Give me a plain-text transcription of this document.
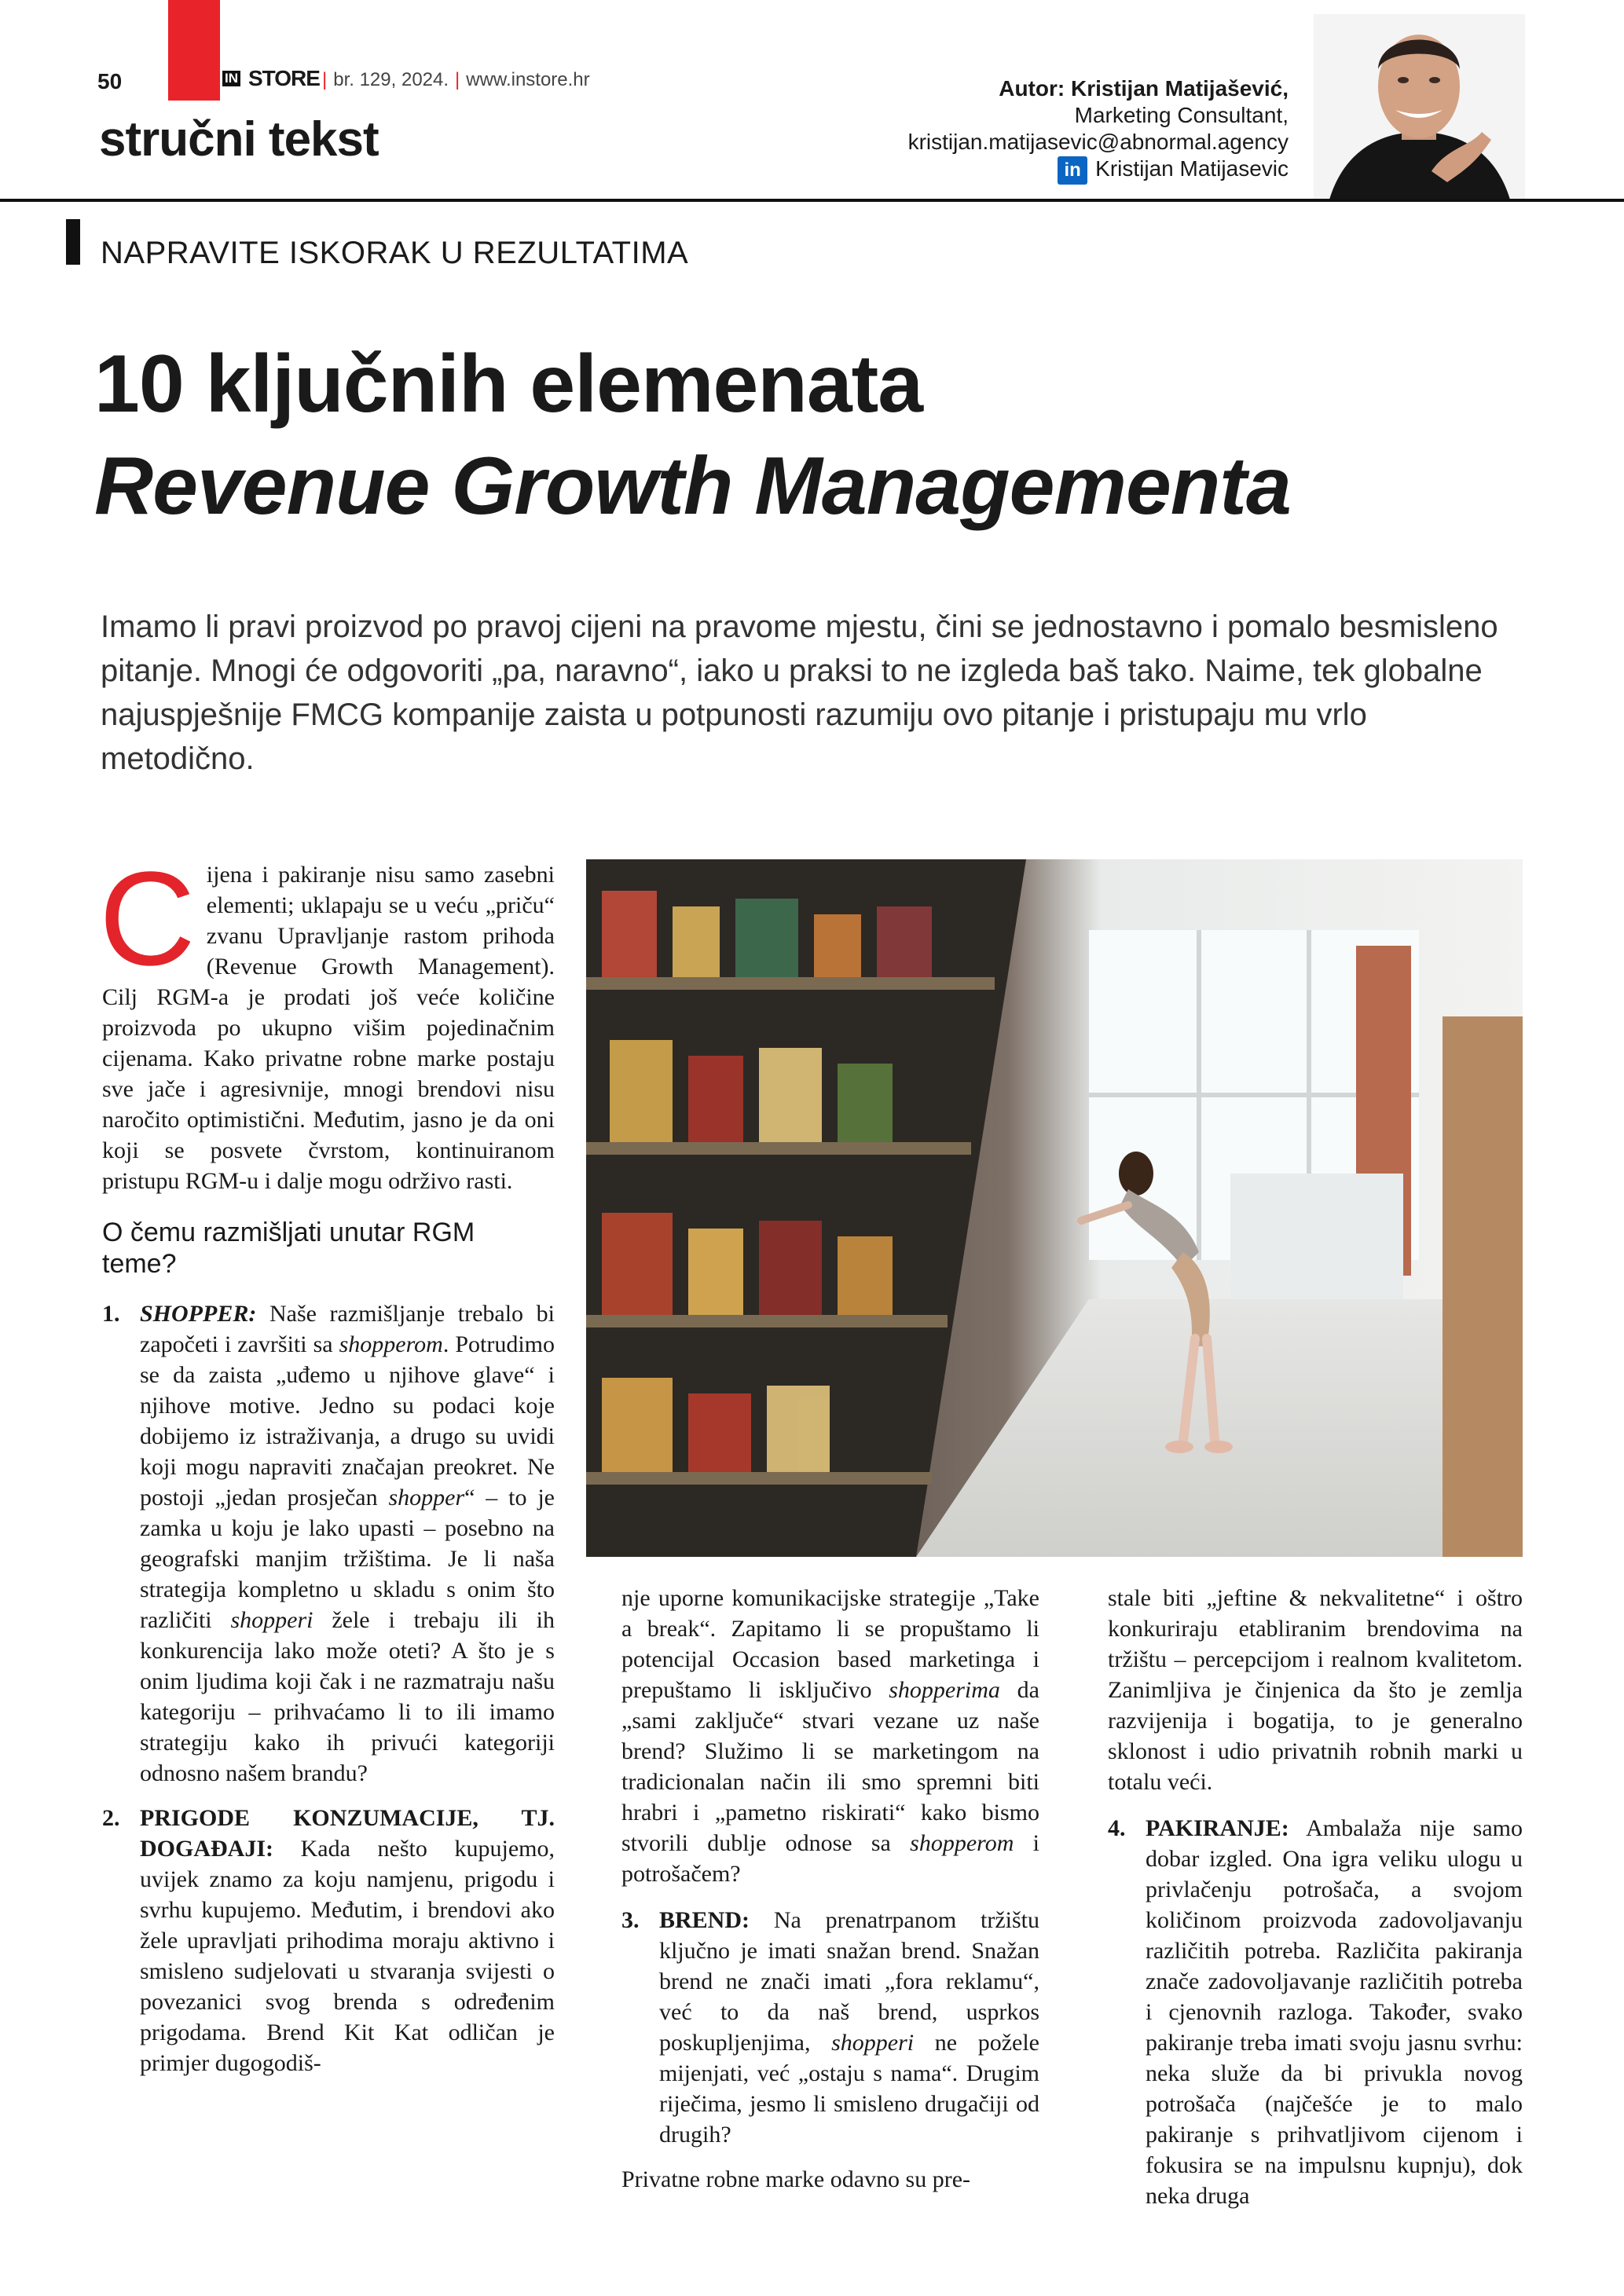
50	IN STORE | br. 129, 2024. | www.instore.hr
stručni tekst
Autor: Kristijan Matijašević,
Marketing Consultant,
kristijan.matijasevic@abnormal.agency
in Kristijan Matijasevic
NAPRAVITE ISKORAK U REZULTATIMA
10 ključnih elemenata
Revenue Growth Managementa
Imamo li pravi proizvod po pravoj cijeni na pravome mjestu, čini se jednostavno i pomalo besmisleno pitanje. Mnogi će odgovoriti „pa, naravno“, iako u praksi to ne izgleda baš tako. Naime, tek globalne najuspješnije FMCG kompanije zaista u potpunosti razumiju ovo pitanje i pristupaju mu vrlo metodično.

Cijena i pakiranje nisu samo zasebni elementi; uklapaju se u veću „priču“ zvanu Upravljanje rastom prihoda (Revenue Growth Management). Cilj RGM-a je prodati još veće količine proizvoda po ukupno višim pojedinačnim cijenama. Kako privatne robne marke postaju sve jače i agresivnije, mnogi brendovi nisu naročito optimistični. Međutim, jasno je da oni koji se posvete čvrstom, kontinuiranom pristupu RGM-u i dalje mogu održivo rasti.

O čemu razmišljati unutar RGM teme?
1. SHOPPER: Naše razmišljanje trebalo bi započeti i završiti sa shopperom. Potrudimo se da zaista „uđemo u njihove glave“ i njihove motive. Jedno su podaci koje dobijemo iz istraživanja, a drugo su uvidi koji mogu napraviti značajan preokret. Ne postoji „jedan prosječan shopper“ – to je zamka u koju je lako upasti – posebno na geografski manjim tržištima. Je li naša strategija kompletno u skladu s onim što različiti shopperi žele i trebaju ili ih konkurencija lako može oteti? A što je s onim ljudima koji čak i ne razmatraju našu kategoriju – prihvaćamo li to ili imamo strategiju kako ih privući kategoriji odnosno našem brandu?
2. PRIGODE KONZUMACIJE, TJ. DOGAĐAJI: Kada nešto kupujemo, uvijek znamo za koju namjenu, prigodu i svrhu kupujemo. Međutim, i brendovi ako žele upravljati prihodima moraju aktivno i smisleno sudjelovati u stvaranja svijesti o povezanici svog brenda s određenim prigodama. Brend Kit Kat odličan je primjer dugogodiš-

nje uporne komunikacijske strategije „Take a break“. Zapitamo li se propuštamo li potencijal Occasion based marketinga i prepuštamo li isključivo shopperima da „sami zaključe“ stvari vezane uz naše brend? Služimo li se marketingom na tradicionalan način ili smo spremni biti hrabri i „pametno riskirati“ kako bismo stvorili dublje odnose sa shopperom i potrošačem?

3. BREND: Na prenatrpanom tržištu ključno je imati snažan brend. Snažan brend ne znači imati „fora reklamu“, već to da naš brend, usprkos poskupljenjima, shopperi ne požele mijenjati, već „ostaju s nama“. Drugim riječima, jesmo li smisleno drugačiji od drugih?

Privatne robne marke odavno su pre-

stale biti „jeftine & nekvalitetne“ i oštro konkuriraju etabliranim brendovima na tržištu – percepcijom i realnom kvalitetom. Zanimljiva je činjenica da što je zemlja razvijenija i bogatija, to je generalno sklonost i udio privatnih robnih marki u totalu veći.

4. PAKIRANJE: Ambalaža nije samo dobar izgled. Ona igra veliku ulogu u privlačenju potrošača, a svojom količinom proizvoda zadovoljavanju različitih potreba. Različita pakiranja znače zadovoljavanje različitih potreba i cjenovnih razloga. Također, svako pakiranje treba imati svoju jasnu svrhu: neka služe da bi privukla novog potrošača (najčešće je to malo pakiranje s prihvatljivom cijenom i fokusira se na impulsnu kupnju), dok neka druga
